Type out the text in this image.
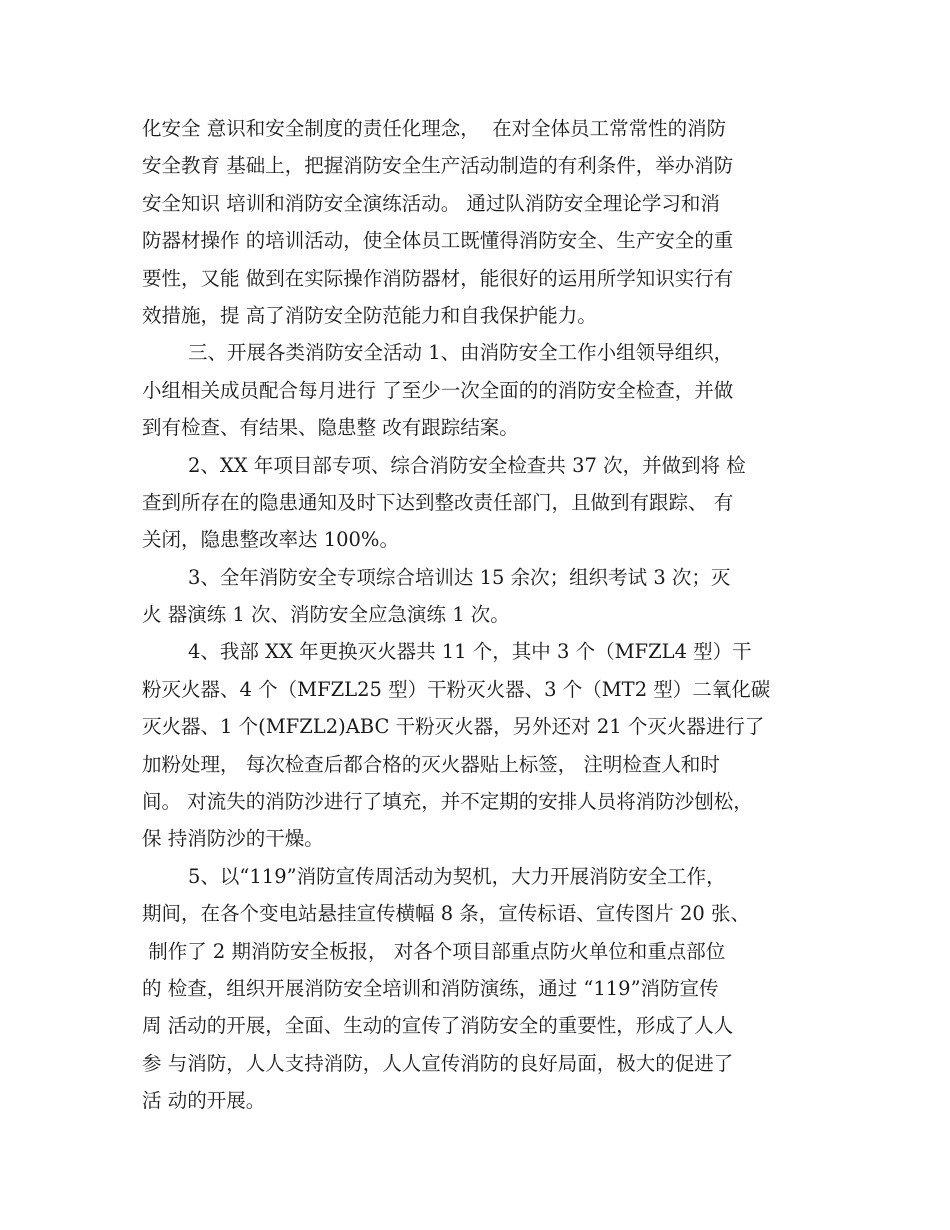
化安全 意识和安全制度的责任化理念，  在对全体员工常常性的消防
安全教育 基础上，把握消防安全生产活动制造的有利条件，举办消防
安全知识 培训和消防安全演练活动。 通过队消防安全理论学习和消
防器材操作 的培训活动，使全体员工既懂得消防安全、生产安全的重
要性，又能 做到在实际操作消防器材，能很好的运用所学知识实行有
效措施，提 高了消防安全防范能力和自我保护能力。
三、开展各类消防安全活动 1、由消防安全工作小组领导组织，
小组相关成员配合每月进行 了至少一次全面的的消防安全检查，并做
到有检查、有结果、隐患整 改有跟踪结案。
2、XX 年项目部专项、综合消防安全检查共 37 次，并做到将 检
查到所存在的隐患通知及时下达到整改责任部门，且做到有跟踪、 有
关闭，隐患整改率达 100%。
3、全年消防安全专项综合培训达 15 余次；组织考试 3 次；灭
火 器演练 1 次、消防安全应急演练 1 次。
4、我部 XX 年更换灭火器共 11 个，其中 3 个（MFZL4 型）干
粉灭火器、4 个（MFZL25 型）干粉灭火器、3 个（MT2 型）二氧化碳
灭火器、1 个(MFZL2)ABC 干粉灭火器，另外还对 21 个灭火器进行了
加粉处理， 每次检查后都合格的灭火器贴上标签， 注明检查人和时
间。 对流失的消防沙进行了填充，并不定期的安排人员将消防沙刨松，
保 持消防沙的干燥。
5、以“119”消防宣传周活动为契机，大力开展消防安全工作，
期间，在各个变电站悬挂宣传横幅 8 条，宣传标语、宣传图片 20 张、
制作了 2 期消防安全板报， 对各个项目部重点防火单位和重点部位
的 检查，组织开展消防安全培训和消防演练，通过 “119”消防宣传
周 活动的开展，全面、生动的宣传了消防安全的重要性，形成了人人
参 与消防，人人支持消防，人人宣传消防的良好局面，极大的促进了
活 动的开展。
